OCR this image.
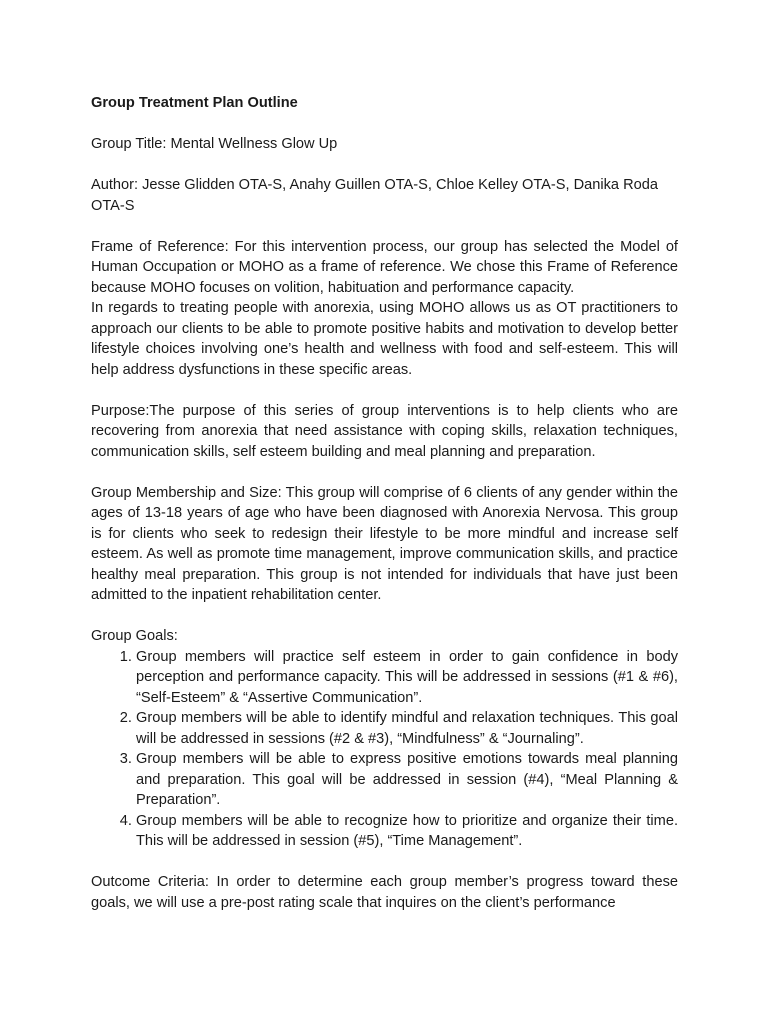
Group Treatment Plan Outline

Group Title: Mental Wellness Glow Up

Author: Jesse Glidden OTA-S, Anahy Guillen OTA-S, Chloe Kelley OTA-S, Danika Roda OTA-S

Frame of Reference: For this intervention process, our group has selected the Model of Human Occupation or MOHO as a frame of reference. We chose this Frame of Reference because MOHO focuses on volition, habituation and performance capacity.

In regards to treating people with anorexia, using MOHO allows us as OT practitioners to approach our clients to be able to promote positive habits and motivation to develop better lifestyle choices involving one’s health and wellness with food and self-esteem. This will help address dysfunctions in these specific areas.

Purpose:The purpose of this series of group interventions is to help clients who are recovering from anorexia that need assistance with coping skills, relaxation techniques, communication skills, self esteem building and meal planning and preparation.

Group Membership and Size: This group will comprise of 6 clients of any gender within the ages of 13-18 years of age who have been diagnosed with Anorexia Nervosa. This group is for clients who seek to redesign their lifestyle to be more mindful and increase self esteem. As well as promote time management, improve communication skills, and practice healthy meal preparation. This group is not intended for individuals that have just been admitted to the inpatient rehabilitation center.

Group Goals:

1. Group members will practice self esteem in order to gain confidence in body perception and performance capacity. This will be addressed in sessions (#1 & #6), “Self-Esteem” & “Assertive Communication”.
2. Group members will be able to identify mindful and relaxation techniques. This goal will be addressed in sessions (#2 & #3), “Mindfulness” & “Journaling”.
3. Group members will be able to express positive emotions towards meal planning and preparation. This goal will be addressed in session (#4), “Meal Planning & Preparation”.
4. Group members will be able to recognize how to prioritize and organize their time. This will be addressed in session (#5), “Time Management”.

Outcome Criteria: In order to determine each group member’s progress toward these goals, we will use a pre-post rating scale that inquires on the client’s performance
